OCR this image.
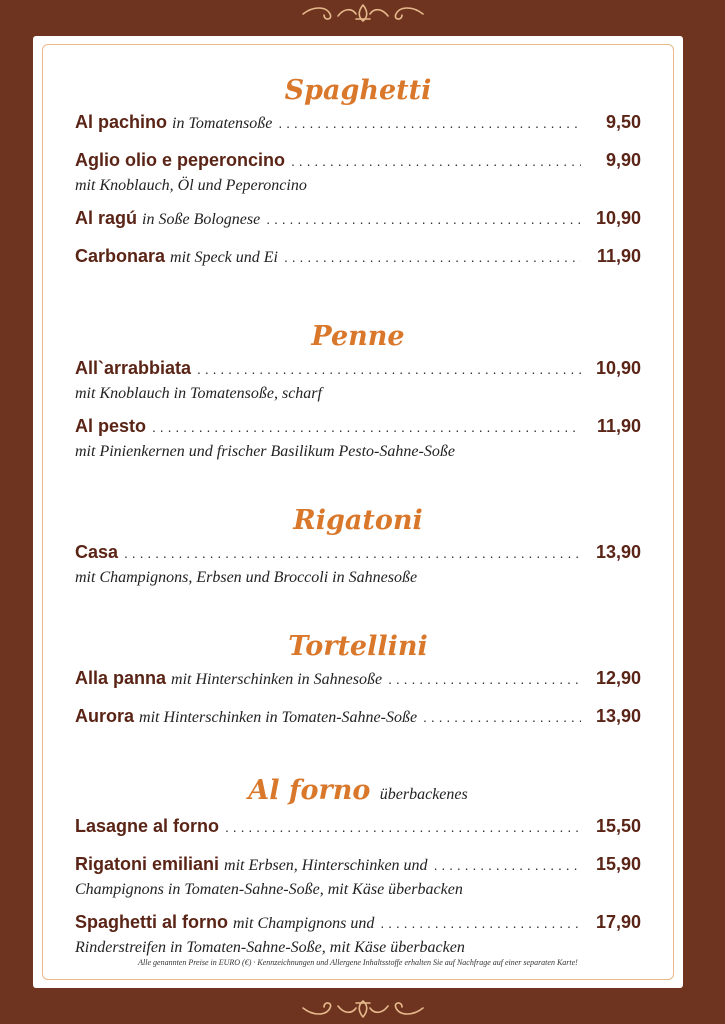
Spaghetti
Al pachino in Tomatensoße . . .	9,50
Aglio olio e peperoncino . . .	9,90
mit Knoblauch, Öl und Peperoncino
Al ragú in Soße Bolognese . . .	10,90
Carbonara mit Speck und Ei . . .	11,90
Penne
All`arrabbiata . . .	10,90
mit Knoblauch in Tomatensoße, scharf
Al pesto . . .	11,90
mit Pinienkernen und frischer Basilikum Pesto-Sahne-Soße
Rigatoni
Casa . . .	13,90
mit Champignons, Erbsen und Broccoli in Sahnesoße
Tortellini
Alla panna mit Hinterschinken in Sahnesoße . . .	12,90
Aurora mit Hinterschinken in Tomaten-Sahne-Soße . . .	13,90
Al forno überbackenes
Lasagne al forno . . .	15,50
Rigatoni emiliani mit Erbsen, Hinterschinken und . . .	15,90
Champignons in Tomaten-Sahne-Soße, mit Käse überbacken
Spaghetti al forno mit Champignons und . . .	17,90
Rinderstreifen in Tomaten-Sahne-Soße, mit Käse überbacken
Alle genannten Preise in EURO (€) · Kennzeichnungen und Allergene Inhaltsstoffe erhalten Sie auf Nachfrage auf einer separaten Karte!
